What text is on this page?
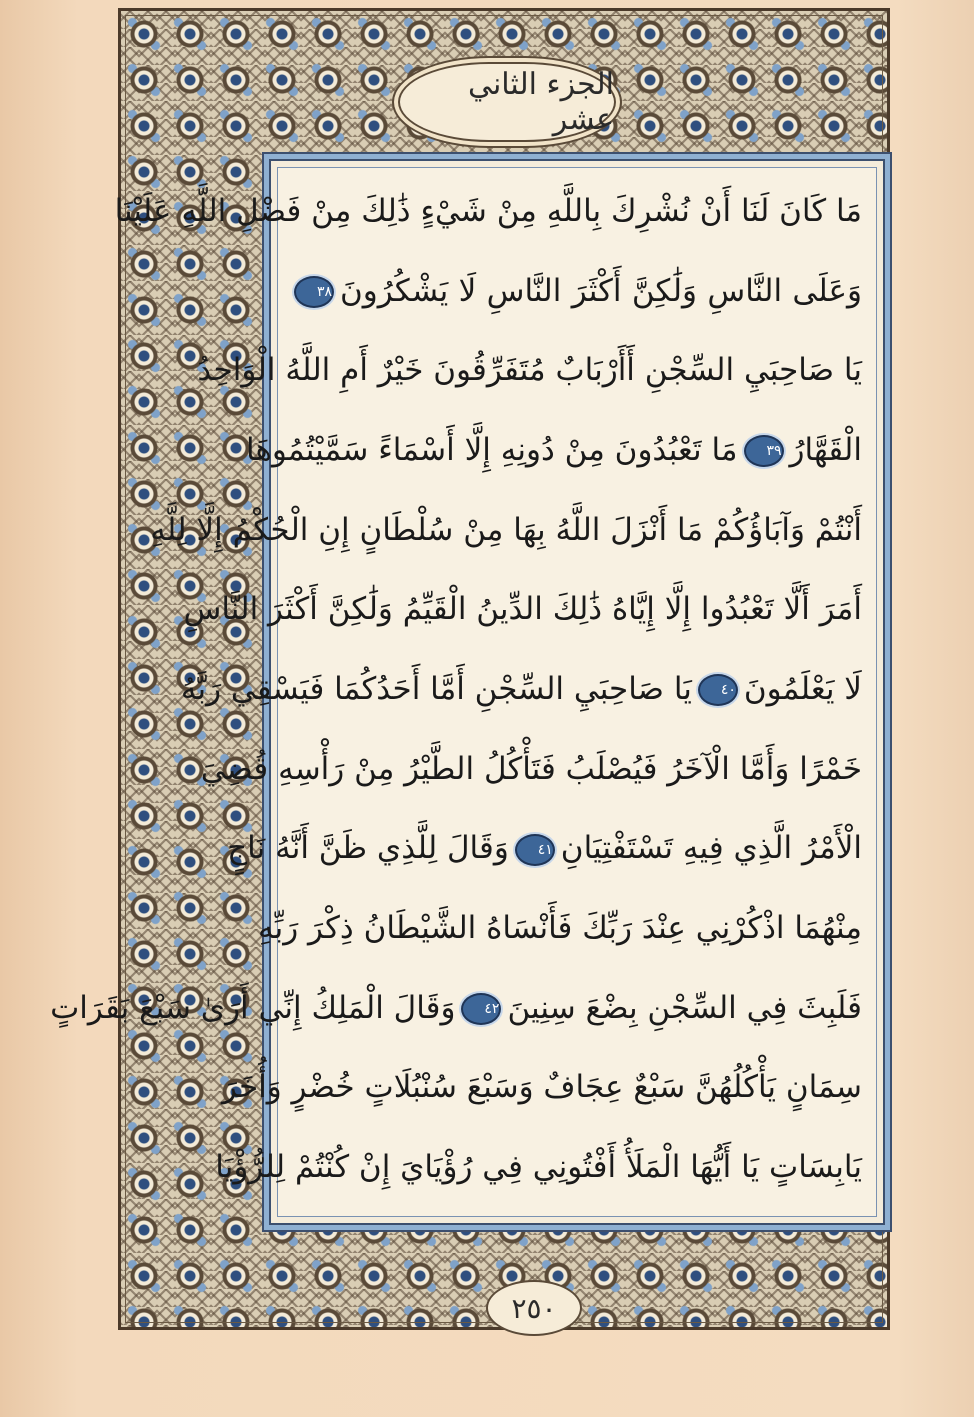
الجزء الثاني عشر
مَا كَانَ لَنَا أَنْ نُشْرِكَ بِاللَّهِ مِنْ شَيْءٍ ذَٰلِكَ مِنْ فَضْلِ اللَّهِ عَلَيْنَا
وَعَلَى النَّاسِ وَلَٰكِنَّ أَكْثَرَ النَّاسِ لَا يَشْكُرُونَ٣٨
يَا صَاحِبَيِ السِّجْنِ أَأَرْبَابٌ مُتَفَرِّقُونَ خَيْرٌ أَمِ اللَّهُ الْوَاحِدُ
الْقَهَّارُ٣٩مَا تَعْبُدُونَ مِنْ دُونِهِ إِلَّا أَسْمَاءً سَمَّيْتُمُوهَا
أَنْتُمْ وَآبَاؤُكُمْ مَا أَنْزَلَ اللَّهُ بِهَا مِنْ سُلْطَانٍ إِنِ الْحُكْمُ إِلَّا لِلَّهِ
أَمَرَ أَلَّا تَعْبُدُوا إِلَّا إِيَّاهُ ذَٰلِكَ الدِّينُ الْقَيِّمُ وَلَٰكِنَّ أَكْثَرَ النَّاسِ
لَا يَعْلَمُونَ٤٠يَا صَاحِبَيِ السِّجْنِ أَمَّا أَحَدُكُمَا فَيَسْقِي رَبَّهُ
خَمْرًا وَأَمَّا الْآخَرُ فَيُصْلَبُ فَتَأْكُلُ الطَّيْرُ مِنْ رَأْسِهِ قُضِيَ
الْأَمْرُ الَّذِي فِيهِ تَسْتَفْتِيَانِ٤١وَقَالَ لِلَّذِي ظَنَّ أَنَّهُ نَاجٍ
مِنْهُمَا اذْكُرْنِي عِنْدَ رَبِّكَ فَأَنْسَاهُ الشَّيْطَانُ ذِكْرَ رَبِّهِ
فَلَبِثَ فِي السِّجْنِ بِضْعَ سِنِينَ٤٢وَقَالَ الْمَلِكُ إِنِّي أَرَىٰ سَبْعَ بَقَرَاتٍ
سِمَانٍ يَأْكُلُهُنَّ سَبْعٌ عِجَافٌ وَسَبْعَ سُنْبُلَاتٍ خُضْرٍ وَأُخَرَ
يَابِسَاتٍ يَا أَيُّهَا الْمَلَأُ أَفْتُونِي فِي رُؤْيَايَ إِنْ كُنْتُمْ لِلرُّؤْيَا
٢٥٠
